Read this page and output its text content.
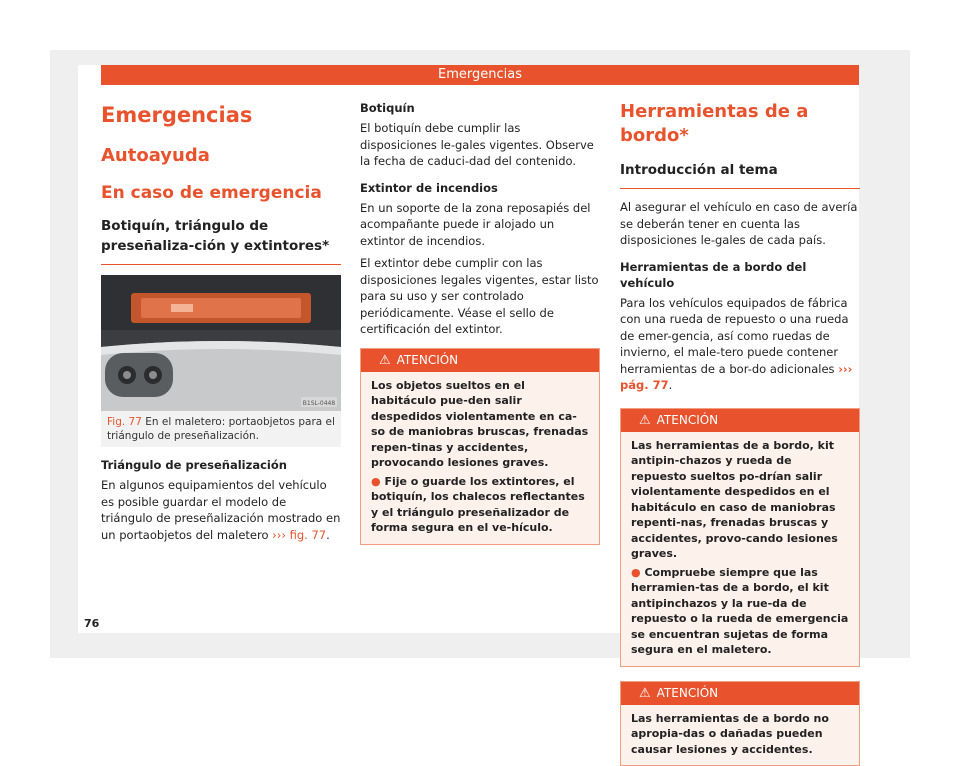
Emergencias
Emergencias
Autoayuda
En caso de emergencia
Botiquín, triángulo de preseñaliza-ción y extintores*
B1SL-0448
Fig. 77 En el maletero: portaobjetos para el triángulo de preseñalización.

Triángulo de preseñalización

En algunos equipamientos del vehículo es posible guardar el modelo de triángulo de preseñalización mostrado en un portaobjetos del maletero ››› fig. 77.

Botiquín

El botiquín debe cumplir las disposiciones le-gales vigentes. Observe la fecha de caduci-dad del contenido.

Extintor de incendios

En un soporte de la zona reposapiés del acompañante puede ir alojado un extintor de incendios.

El extintor debe cumplir con las disposiciones legales vigentes, estar listo para su uso y ser controlado periódicamente. Véase el sello de certificación del extintor.

⚠ ATENCIÓN

Los objetos sueltos en el habitáculo pue-den salir despedidos violentamente en ca-so de maniobras bruscas, frenadas repen-tinas y accidentes, provocando lesiones graves.

● Fije o guarde los extintores, el botiquín, los chalecos reflectantes y el triángulo preseñalizador de forma segura en el ve-hículo.

Herramientas de a bordo*
Introducción al tema

Al asegurar el vehículo en caso de avería se deberán tener en cuenta las disposiciones le-gales de cada país.

Herramientas de a bordo del vehículo

Para los vehículos equipados de fábrica con una rueda de repuesto o una rueda de emer-gencia, así como ruedas de invierno, el male-tero puede contener herramientas de a bor-do adicionales ››› pág. 77.

⚠ ATENCIÓN

Las herramientas de a bordo, kit antipin-chazos y rueda de repuesto sueltos po-drían salir violentamente despedidos en el habitáculo en caso de maniobras repenti-nas, frenadas bruscas y accidentes, provo-cando lesiones graves.

● Compruebe siempre que las herramien-tas de a bordo, el kit antipinchazos y la rue-da de repuesto o la rueda de emergencia se encuentran sujetas de forma segura en el maletero.

⚠ ATENCIÓN

Las herramientas de a bordo no apropia-das o dañadas pueden causar lesiones y accidentes.

76
